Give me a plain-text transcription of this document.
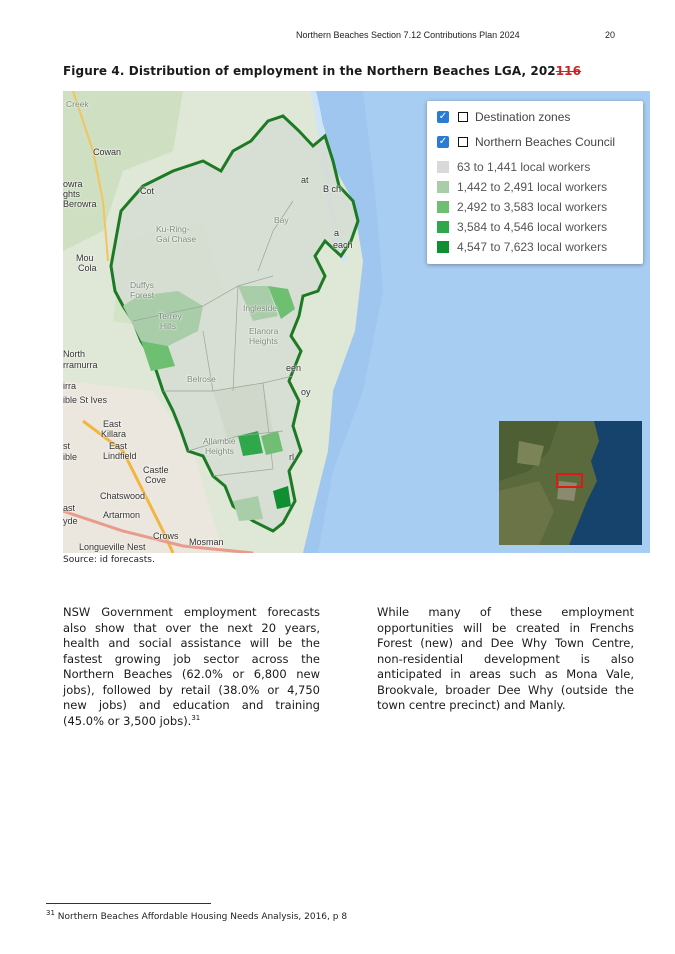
Northern Beaches Section 7.12 Contributions Plan 2024	20
Figure 4. Distribution of employment in the Northern Beaches LGA, 202116
Creek
Cowan
owra
ghts
Berowra
Cot
Ku-Ring-
Gai Chase
Mou
Cola
Duffys
Forest
Terrey
Hills
North
rramurra
irra
ible St Ives
East
Killara
st
ible
East
Lindfield
Castle
Cove
Chatswood
ast
yde
Artarmon
Crows
Longueville Nest	Mosman
Belrose
Allambie
Heights
Ingleside
Elanora
Heights
een
oy
rl
Bay
a
B ch
at
each
✓ Destination zones
✓ Northern Beaches Council
63 to 1,441 local workers
1,442 to 2,491 local workers
2,492 to 3,583 local workers
3,584 to 4,546 local workers
4,547 to 7,623 local workers
Source: id forecasts.
NSW Government employment forecasts also show that over the next 20 years, health and social assistance will be the fastest growing job sector across the Northern Beaches (62.0% or 6,800 new jobs), followed by retail (38.0% or 4,750 new jobs) and education and training (45.0% or 3,500 jobs).$^{31}$
While many of these employment opportunities will be created in Frenchs Forest (new) and Dee Why Town Centre, non-residential development is also anticipated in areas such as Mona Vale, Brookvale, broader Dee Why (outside the town centre precinct) and Manly.
$^{31}$ Northern Beaches Affordable Housing Needs Analysis, 2016, p 8
